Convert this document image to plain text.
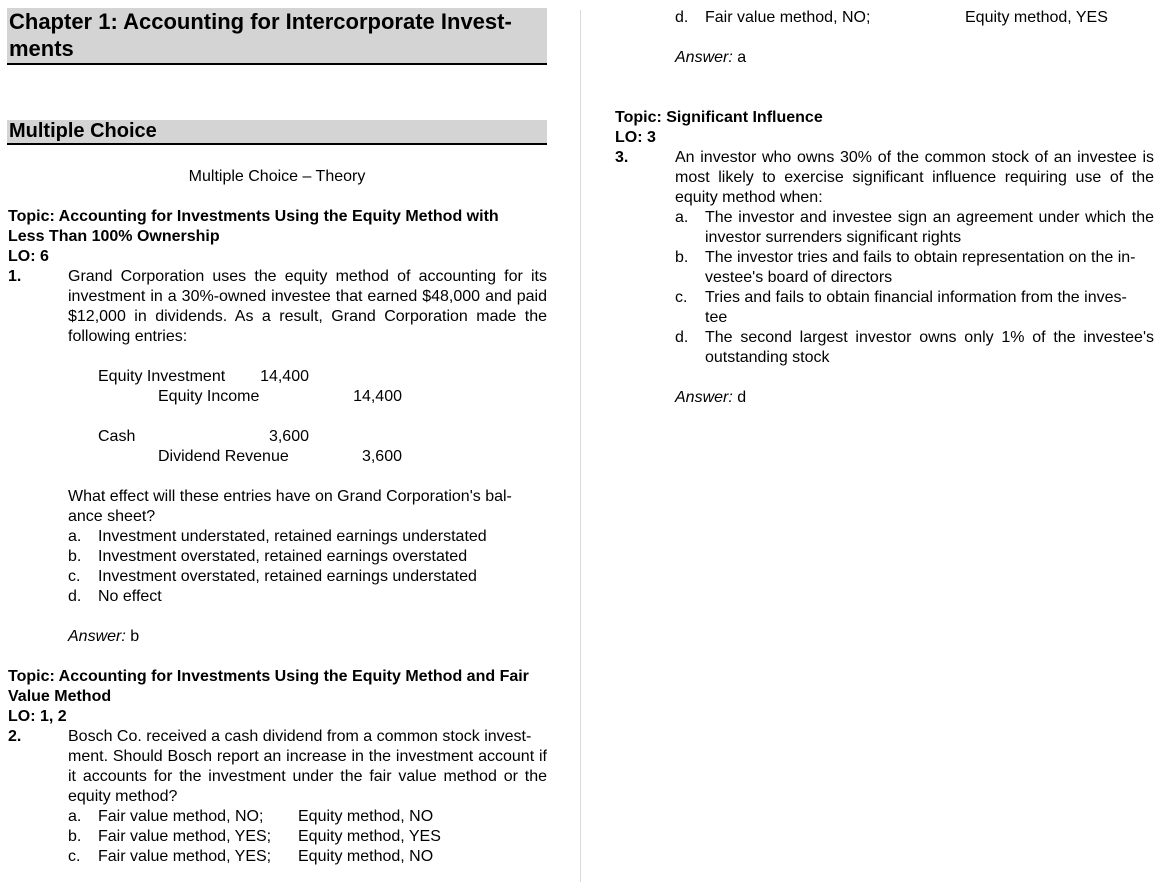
Chapter 1: Accounting for Intercorporate Invest-
ments
Multiple Choice
Multiple Choice – Theory
Topic: Accounting for Investments Using the Equity Method with
Less Than 100% Ownership
LO: 6
1.	Grand Corporation uses the equity method of accounting for its investment in a 30%-owned investee that earned $48,000 and paid $12,000 in dividends. As a result, Grand Corporation made the following entries:
Equity Investment 14,400
Equity Income	14,400
Cash	3,600
Dividend Revenue	3,600
What effect will these entries have on Grand Corporation's bal-
ance sheet?
a. Investment understated, retained earnings understated
b. Investment overstated, retained earnings overstated
c. Investment overstated, retained earnings understated
d. No effect
Answer: b
Topic: Accounting for Investments Using the Equity Method and Fair
Value Method
LO: 1, 2
2.	Bosch Co. received a cash dividend from a common stock invest-
ment. Should Bosch report an increase in the investment account if it accounts for the investment under the fair value method or the equity method?
a. Fair value method, NO;	Equity method, NO
b. Fair value method, YES;	Equity method, YES
c. Fair value method, YES;	Equity method, NO
d. Fair value method, NO;	Equity method, YES
Answer: a
Topic: Significant Influence
LO: 3
3.	An investor who owns 30% of the common stock of an investee is most likely to exercise significant influence requiring use of the equity method when:
a. The investor and investee sign an agreement under which the investor surrenders significant rights
b. The investor tries and fails to obtain representation on the in-
vestee's board of directors
c. Tries and fails to obtain financial information from the inves-
tee
d. The second largest investor owns only 1% of the investee's outstanding stock
Answer: d
